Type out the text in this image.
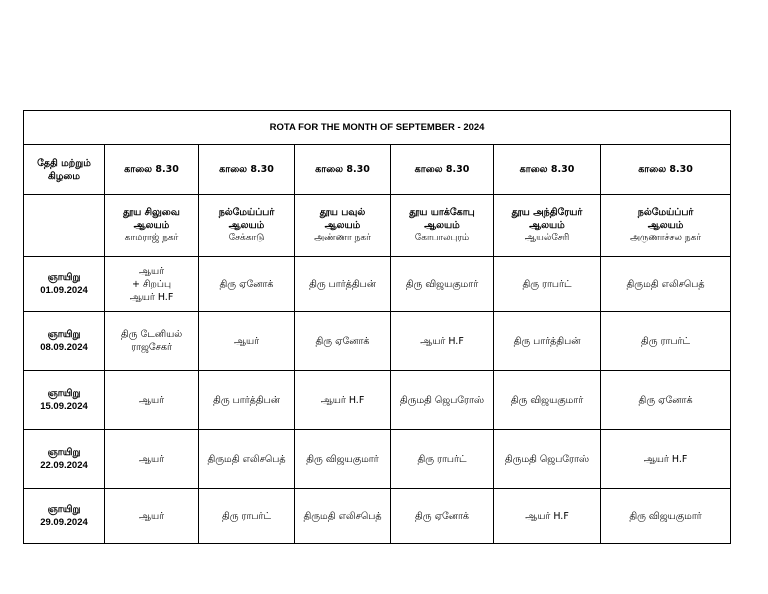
ROTA FOR THE MONTH OF SEPTEMBER - 2024						

தேதி மற்றும்
கிழமை	காலை 8.30	காலை 8.30	காலை 8.30	காலை 8.30	காலை 8.30	காலை 8.30

	தூய சிலுவை
ஆலயம்
காமராஜ் நகர்	நல்மேய்ப்பர்
ஆலயம்
சேக்காடு	தூய பவுல்
ஆலயம்
அண்ணா நகர்	தூய யாக்கோபு
ஆலயம்
கோபாலபுரம்	தூய அந்திரேயர்
ஆலயம்
ஆயல்சேரி	நல்மேய்ப்பர்
ஆலயம்
அருணாச்சல நகர்

ஞாயிறு
01.09.2024	ஆயர்
+ சிறப்பு
ஆயர் H.F	திரு ஏனோக்	திரு பார்த்திபன்	திரு விஜயகுமார்	திரு ராபர்ட்	திருமதி எலிசபெத்

ஞாயிறு
08.09.2024	திரு டேனியல்
ராஜசேகர்	ஆயர்	திரு ஏனோக்	ஆயர் H.F	திரு பார்த்திபன்	திரு ராபர்ட்

ஞாயிறு
15.09.2024	ஆயர்	திரு பார்த்திபன்	ஆயர் H.F	திருமதி ஜெபரோஸ்	திரு விஜயகுமார்	திரு ஏனோக்

ஞாயிறு
22.09.2024	ஆயர்	திருமதி எலிசபெத்	திரு விஜயகுமார்	திரு ராபர்ட்	திருமதி ஜெபரோஸ்	ஆயர் H.F

ஞாயிறு
29.09.2024	ஆயர்	திரு ராபர்ட்	திருமதி எலிசபெத்	திரு ஏனோக்	ஆயர் H.F	திரு விஜயகுமார்
